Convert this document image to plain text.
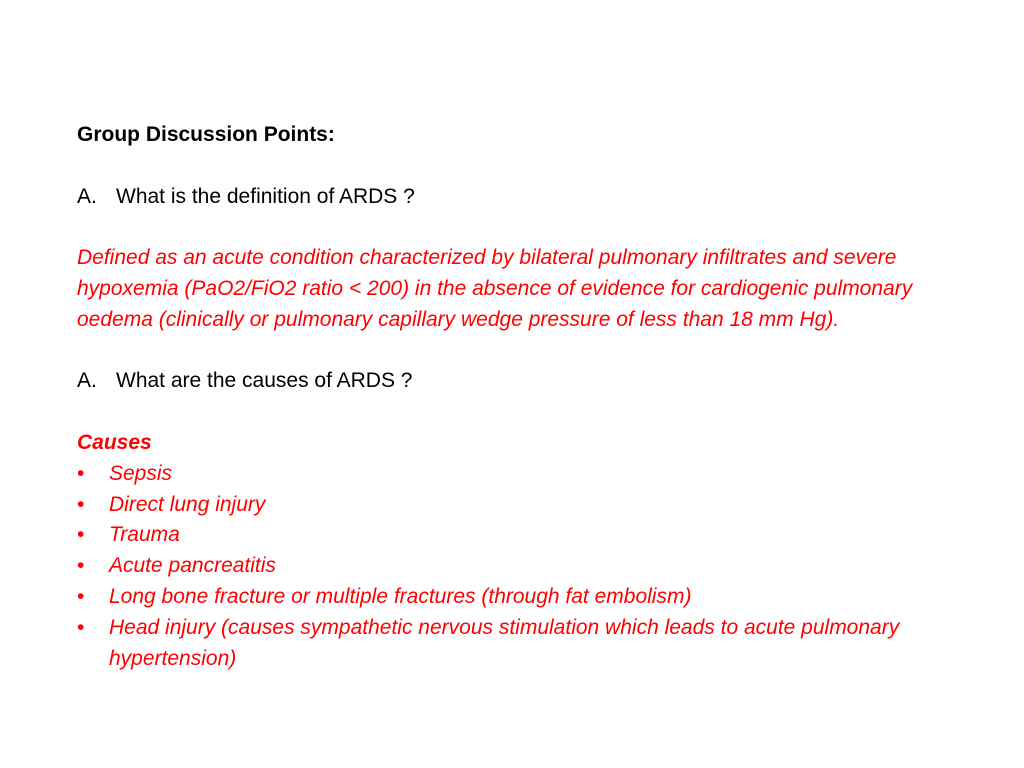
Group Discussion Points:

A. What is the definition of ARDS ?

Defined as an acute condition characterized by bilateral pulmonary infiltrates and severe hypoxemia (PaO2/FiO2 ratio < 200) in the absence of evidence for cardiogenic pulmonary oedema (clinically or pulmonary capillary wedge pressure of less than 18 mm Hg).

A. What are the causes of ARDS ?

Causes

•	Sepsis
•	Direct lung injury
•	Trauma
•	Acute pancreatitis
•	Long bone fracture or multiple fractures (through fat embolism)
•	Head injury (causes sympathetic nervous stimulation which leads to acute pulmonary hypertension)
